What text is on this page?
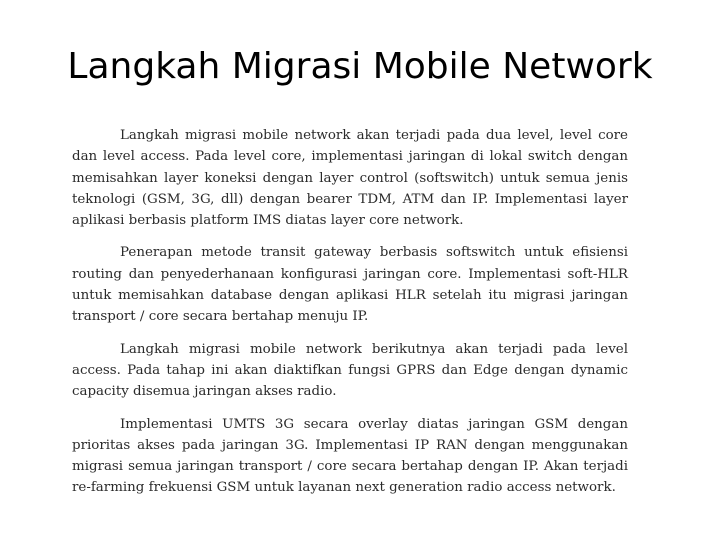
Langkah Migrasi Mobile Network

Langkah migrasi mobile network akan terjadi pada dua level, level core dan level access. Pada level core, implementasi jaringan di lokal switch dengan memisahkan layer koneksi dengan layer control (softswitch) untuk semua jenis teknologi (GSM, 3G, dll) dengan bearer TDM, ATM dan IP. Implementasi layer aplikasi berbasis platform IMS diatas layer core network.

Penerapan metode transit gateway berbasis softswitch untuk efisiensi routing dan penyederhanaan konfigurasi jaringan core. Implementasi soft-HLR untuk memisahkan database dengan aplikasi HLR setelah itu migrasi jaringan transport / core secara bertahap menuju IP.

Langkah migrasi mobile network berikutnya akan terjadi pada level access. Pada tahap ini akan diaktifkan fungsi GPRS dan Edge dengan dynamic capacity disemua jaringan akses radio.

Implementasi UMTS 3G secara overlay diatas jaringan GSM dengan prioritas akses pada jaringan 3G. Implementasi IP RAN dengan menggunakan migrasi semua jaringan transport / core secara bertahap dengan IP. Akan terjadi re-farming frekuensi GSM untuk layanan next generation radio access network.
